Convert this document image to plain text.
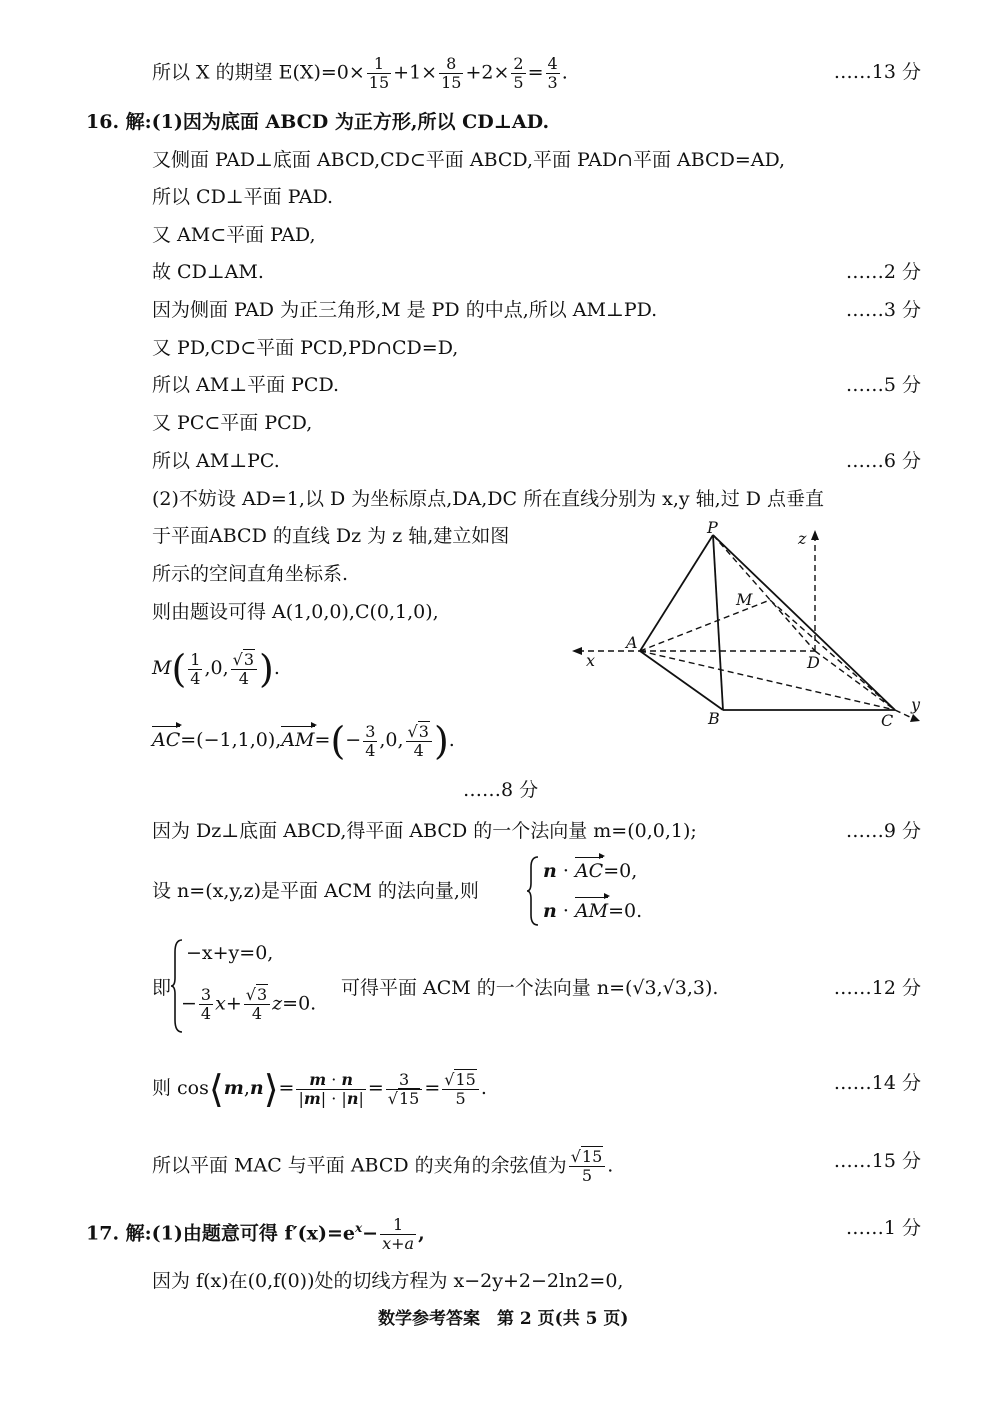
所以 X 的期望 $E(X)=0\times \frac{1}{15} +1\times \frac{8}{15} +2\times \frac{2}{5} = \frac{4}{3}$ .	……13 分
16. 解:(1)因为底面 ABCD 为正方形,所以 CD⊥AD.
又侧面 PAD⊥底面 ABCD,CD⊂平面 ABCD,平面 PAD∩平面 ABCD=AD,
所以 CD⊥平面 PAD.
又 AM⊂平面 PAD,
故 CD⊥AM.	……2 分
因为侧面 PAD 为正三角形,M 是 PD 的中点,所以 AM⊥PD.	……3 分
又 PD,CD⊂平面 PCD,PD∩CD=D,
所以 AM⊥平面 PCD.	……5 分
又 PC⊂平面 PCD,
所以 AM⊥PC.	……6 分
(2)不妨设 AD=1,以 D 为坐标原点,DA,DC 所在直线分别为 x,y 轴,过 D 点垂直
于平面ABCD 的直线 Dz 为 z 轴,建立如图
所示的空间直角坐标系.
则由题设可得 A(1,0,0),C(0,1,0),
$M( \frac{1}{4} ,0$, $\frac{√3}{4}$ ).
$AC=(-1,1,0),AM=(- \frac{3}{4} ,0$, $\frac{√3}{4}$ ).
……8 分
因为 Dz⊥底面 ABCD,得平面 ABCD 的一个法向量 m=(0,0,1);	……9 分
设 n=(x,y,z)是平面 ACM 的法向量,则
n · AC=0,
n · AM=0.
即
−x+y=0,
− $\frac{3}{4} x+ \frac{√3}{4} z=0$.
可得平面 ACM 的一个法向量 n=(√3,√3,3).	……12 分
则 cos⟨m,n⟩= $\frac{m \cdot n}{|m| \cdot |n|} = \frac{3}{√15} = \frac{√15}{5}$ .	……14 分
所以平面 MAC 与平面 ABCD 的夹角的余弦值为 $\frac{√15}{5}$ .	……15 分
17. 解:(1)由题意可得 $f'(x)=e^x- \frac{1}{x+a}$ ,	……1 分
因为 f(x)在(0,f(0))处的切线方程为 x−2y+2−2ln2=0,
数学参考答案　第 2 页(共 5 页)
P
M
A
D
B	C
x
y
z
